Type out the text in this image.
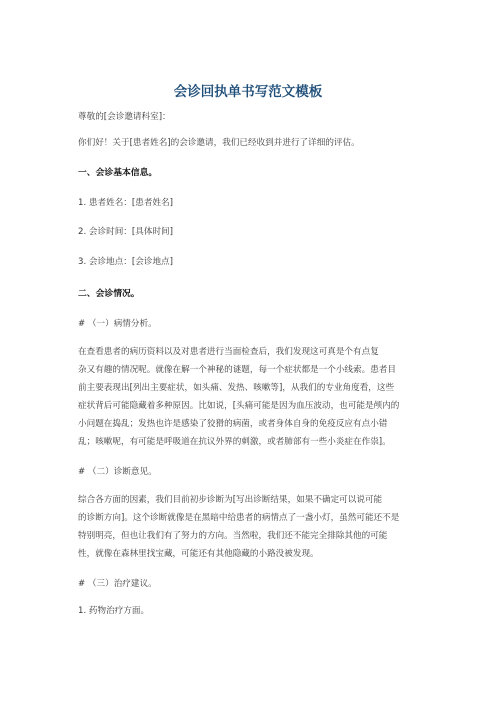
会诊回执单书写范文模板
尊敬的[会诊邀请科室]：
你们好！关于[患者姓名]的会诊邀请，我们已经收到并进行了详细的评估。
一、会诊基本信息。
1. 患者姓名：[患者姓名]
2. 会诊时间：[具体时间]
3. 会诊地点：[会诊地点]
二、会诊情况。
# （一）病情分析。
在查看患者的病历资料以及对患者进行当面检查后，我们发现这可真是个有点复
杂又有趣的情况呢。就像在解一个神秘的谜题，每一个症状都是一个小线索。患者目
前主要表现出[列出主要症状，如头痛、发热、咳嗽等]，从我们的专业角度看，这些
症状背后可能隐藏着多种原因。比如说，[头痛可能是因为血压波动，也可能是颅内的
小问题在捣乱；发热也许是感染了狡猾的病菌，或者身体自身的免疫反应有点小错
乱；咳嗽呢，有可能是呼吸道在抗议外界的刺激，或者肺部有一些小炎症在作祟]。
# （二）诊断意见。
综合各方面的因素，我们目前初步诊断为[写出诊断结果，如果不确定可以说可能
的诊断方向]。这个诊断就像是在黑暗中给患者的病情点了一盏小灯，虽然可能还不是
特别明亮，但也让我们有了努力的方向。当然啦，我们还不能完全排除其他的可能
性，就像在森林里找宝藏，可能还有其他隐藏的小路没被发现。
# （三）治疗建议。
1. 药物治疗方面。
